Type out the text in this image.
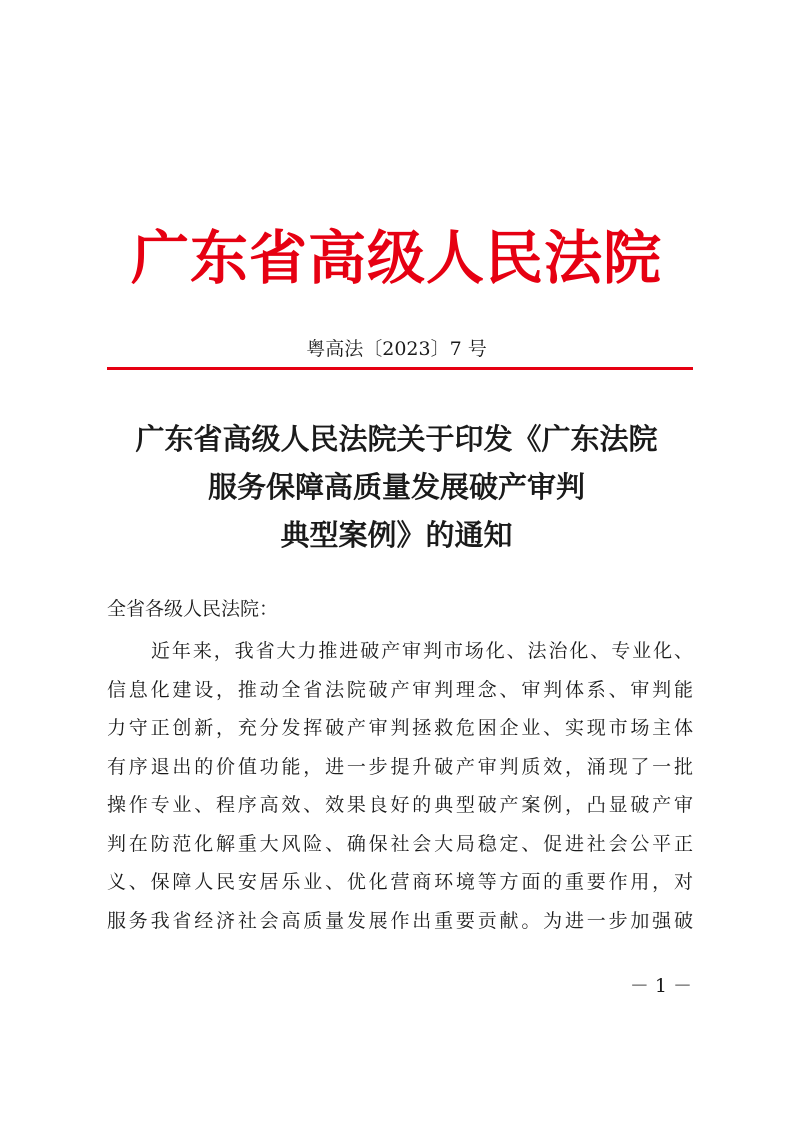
广东省高级人民法院
粤高法〔2023〕7 号
广东省高级人民法院关于印发《广东法院
服务保障高质量发展破产审判
典型案例》的通知
全省各级人民法院：
近年来，我省大力推进破产审判市场化、法治化、专业化、
信息化建设，推动全省法院破产审判理念、审判体系、审判能
力守正创新，充分发挥破产审判拯救危困企业、实现市场主体
有序退出的价值功能，进一步提升破产审判质效，涌现了一批
操作专业、程序高效、效果良好的典型破产案例，凸显破产审
判在防范化解重大风险、确保社会大局稳定、促进社会公平正
义、保障人民安居乐业、优化营商环境等方面的重要作用，对
服务我省经济社会高质量发展作出重要贡献。为进一步加强破
－ 1 －
